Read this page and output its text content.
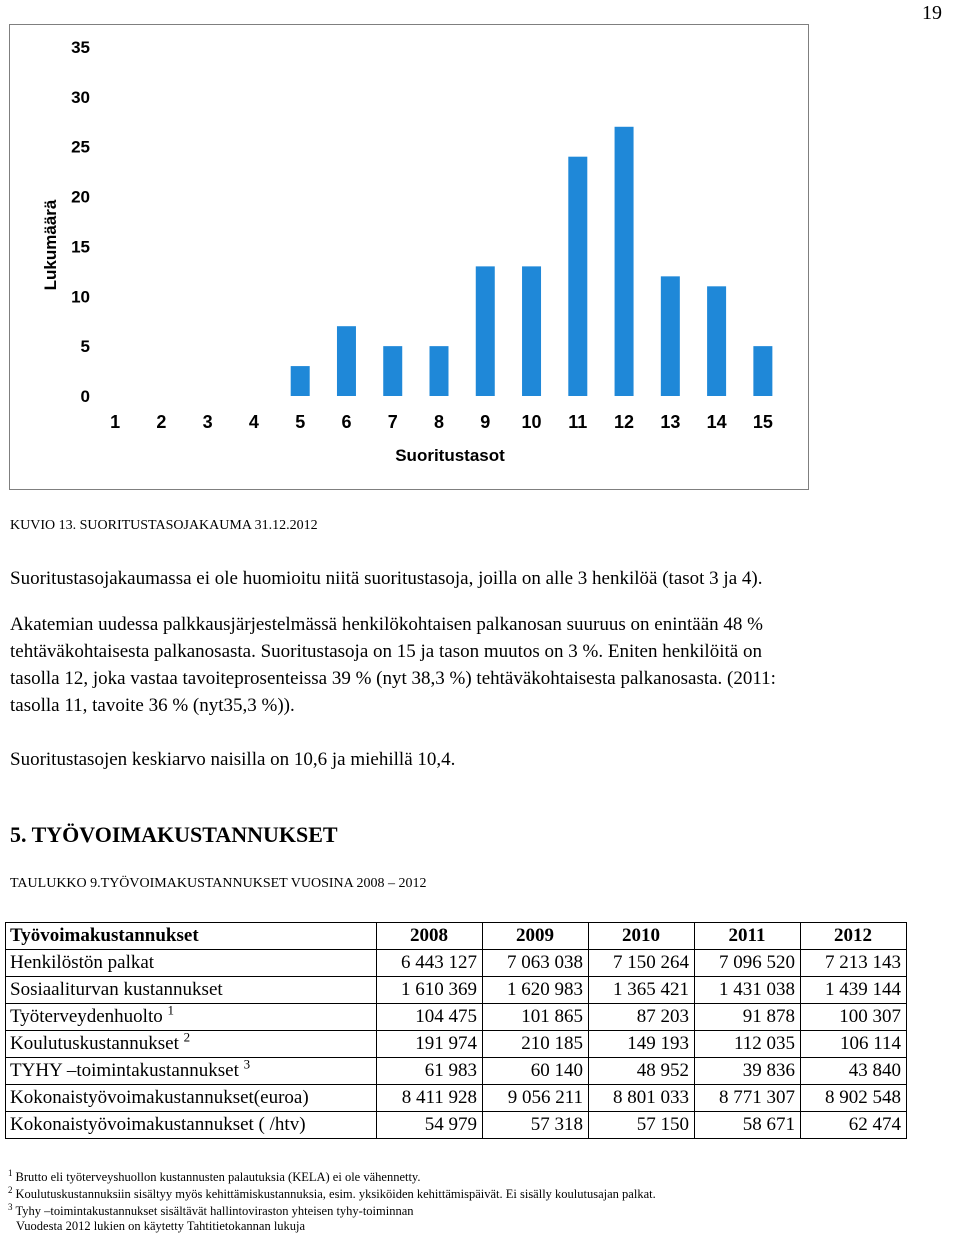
19
0
5
10
15
20
25
30
35
1 2 3 4 5 6 7 8 9 10 11 12 13 14 15
Lukumäärä
Suoritustasot
KUVIO 13. SUORITUSTASOJAKAUMA 31.12.2012

Suoritustasojakaumassa ei ole huomioitu niitä suoritustasoja, joilla on alle 3 henkilöä (tasot 3 ja 4).

Akatemian uudessa palkkausjärjestelmässä henkilökohtaisen palkanosan suuruus on enintään 48 %

tehtäväkohtaisesta palkanosasta. Suoritustasoja on 15 ja tason muutos on 3 %. Eniten henkilöitä on

tasolla 12, joka vastaa tavoiteprosenteissa 39 % (nyt 38,3 %) tehtäväkohtaisesta palkanosasta. (2011:

tasolla 11, tavoite 36 % (nyt35,3 %)).

Suoritustasojen keskiarvo naisilla on 10,6 ja miehillä 10,4.

5. TYÖVOIMAKUSTANNUKSET
TAULUKKO 9.TYÖVOIMAKUSTANNUKSET VUOSINA 2008 – 2012
Työvoimakustannukset	2008	2009	2010	2011	2012
Henkilöstön palkat	6 443 127	7 063 038	7 150 264	7 096 520	7 213 143
Sosiaaliturvan kustannukset	1 610 369	1 620 983	1 365 421	1 431 038	1 439 144
Työterveydenhuolto $^1$	104 475	101 865	87 203	91 878	100 307
Koulutuskustannukset $^2$	191 974	210 185	149 193	112 035	106 114
TYHY –toimintakustannukset $^3$	61 983	60 140	48 952	39 836	43 840
Kokonaistyövoimakustannukset(euroa)	8 411 928	9 056 211	8 801 033	8 771 307	8 902 548
Kokonaistyövoimakustannukset ( /htv)	54 979	57 318	57 150	58 671	62 474

$^1$ Brutto eli työterveyshuollon kustannusten palautuksia (KELA) ei ole vähennetty.

$^2$ Koulutuskustannuksiin sisältyy myös kehittämiskustannuksia, esim. yksiköiden kehittämispäivät. Ei sisälly koulutusajan palkat.

$^3$ Tyhy –toimintakustannukset sisältävät hallintoviraston yhteisen tyhy-toiminnan

Vuodesta 2012 lukien on käytetty Tahtitietokannan lukuja
